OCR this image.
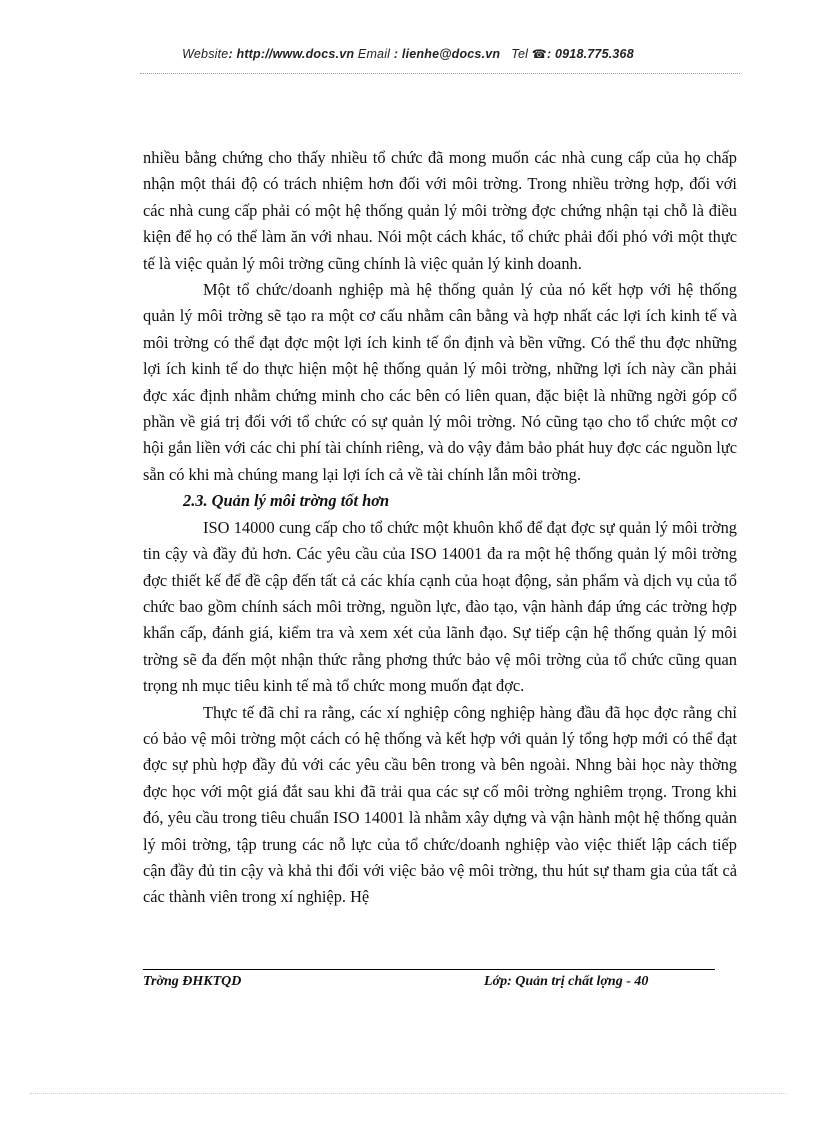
Website: http://www.docs.vn Email : lienhe@docs.vn Tel ☎: 0918.775.368

nhiều bằng chứng cho thấy nhiều tổ chức đã mong muốn các nhà cung cấp của họ chấp nhận một thái độ có trách nhiệm hơn đối với môi trờng. Trong nhiều trờng hợp, đối với các nhà cung cấp phải có một hệ thống quản lý môi trờng đợc chứng nhận tại chỗ là điều kiện để họ có thể làm ăn với nhau. Nói một cách khác, tổ chức phải đối phó với một thực tế là việc quản lý môi trờng cũng chính là việc quản lý kinh doanh.

Một tổ chức/doanh nghiệp mà hệ thống quản lý của nó kết hợp với hệ thống quản lý môi trờng sẽ tạo ra một cơ cấu nhằm cân bằng và hợp nhất các lợi ích kinh tế và môi trờng có thể đạt đợc một lợi ích kinh tế ổn định và bền vững. Có thể thu đợc những lợi ích kinh tế do thực hiện một hệ thống quản lý môi trờng, những lợi ích này cần phải đợc xác định nhằm chứng minh cho các bên có liên quan, đặc biệt là những ngời góp cổ phần về giá trị đối với tổ chức có sự quản lý môi trờng. Nó cũng tạo cho tổ chức một cơ hội gắn liền với các chi phí tài chính riêng, và do vậy đảm bảo phát huy đợc các nguồn lực sẵn có khi mà chúng mang lại lợi ích cả về tài chính lẫn môi trờng.

2.3. Quản lý môi trờng tốt hơn

ISO 14000 cung cấp cho tổ chức một khuôn khổ để đạt đợc sự quản lý môi trờng tin cậy và đầy đủ hơn. Các yêu cầu của ISO 14001 đa ra một hệ thống quản lý môi trờng đợc thiết kế để đề cập đến tất cả các khía cạnh của hoạt động, sản phẩm và dịch vụ của tổ chức bao gồm chính sách môi trờng, nguồn lực, đào tạo, vận hành đáp ứng các trờng hợp khẩn cấp, đánh giá, kiểm tra và xem xét của lãnh đạo. Sự tiếp cận hệ thống quản lý môi trờng sẽ đa đến một nhận thức rằng phơng thức bảo vệ môi trờng của tổ chức cũng quan trọng nh mục tiêu kinh tế mà tổ chức mong muốn đạt đợc.

Thực tế đã chỉ ra rằng, các xí nghiệp công nghiệp hàng đầu đã học đợc rằng chỉ có bảo vệ môi trờng một cách có hệ thống và kết hợp với quản lý tổng hợp mới có thể đạt đợc sự phù hợp đầy đủ với các yêu cầu bên trong và bên ngoài. Nhng bài học này thờng đợc học với một giá đắt sau khi đã trải qua các sự cố môi trờng nghiêm trọng. Trong khi đó, yêu cầu trong tiêu chuẩn ISO 14001 là nhằm xây dựng và vận hành một hệ thống quản lý môi trờng, tập trung các nỗ lực của tổ chức/doanh nghiệp vào việc thiết lập cách tiếp cận đầy đủ tin cậy và khả thi đối với việc bảo vệ môi trờng, thu hút sự tham gia của tất cả các thành viên trong xí nghiệp. Hệ

Trờng ĐHKTQD	Lớp: Quản trị chất lợng - 40
